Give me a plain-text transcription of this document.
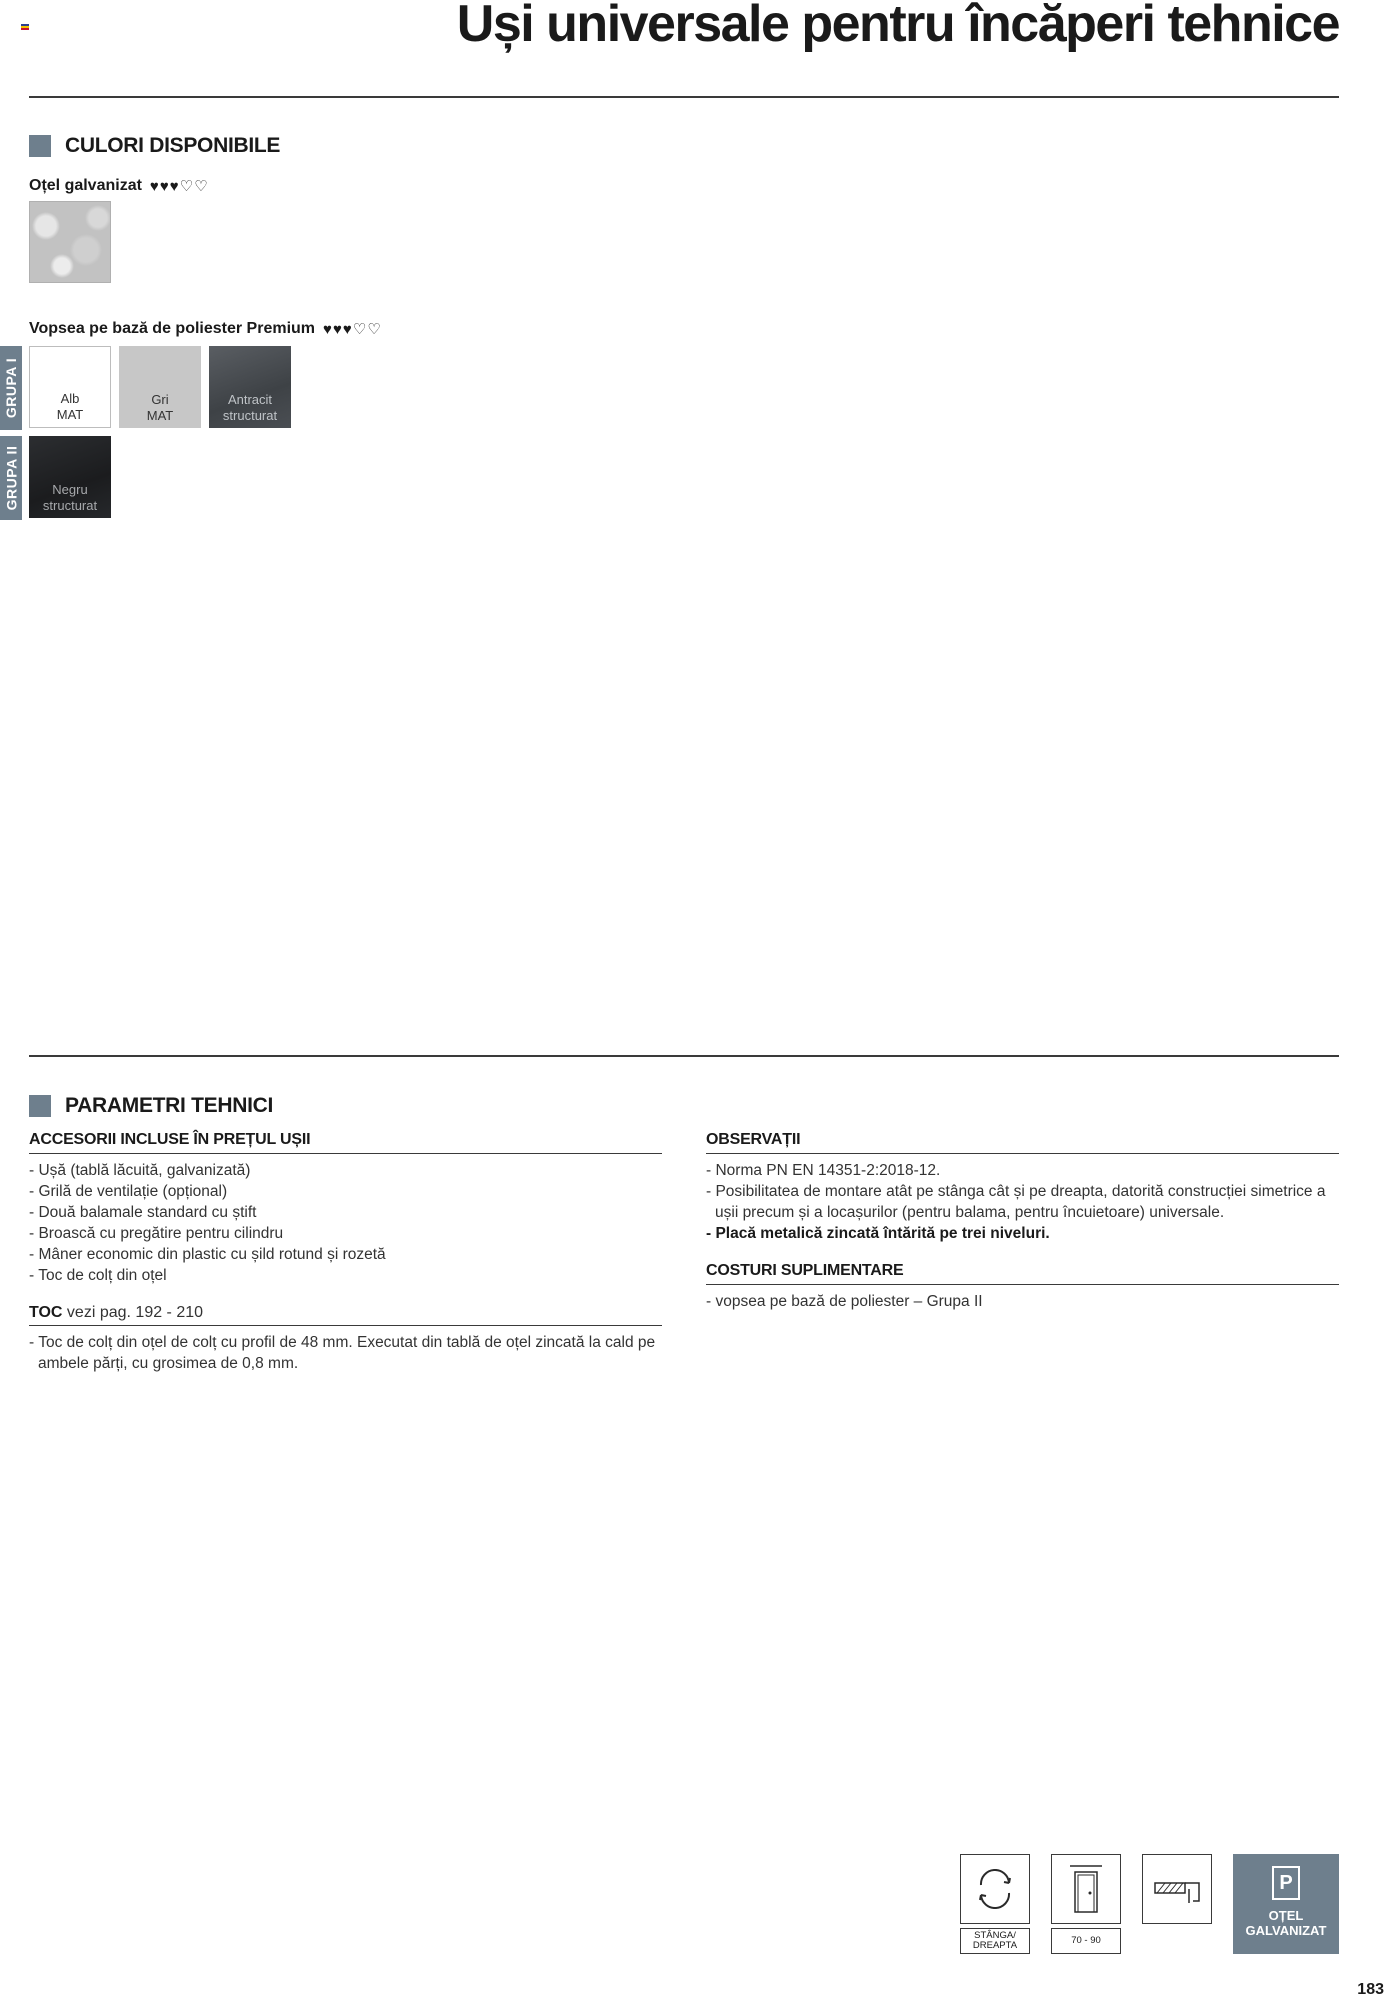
Uși universale pentru încăperi tehnice
CULORI DISPONIBILE
Oțel galvanizat ♥♥♥♡♡
Vopsea pe bază de poliester Premium ♥♥♥♡♡
GRUPA I
GRUPA II
Alb
MAT
Gri
MAT
Antracit
structurat
Negru
structurat
PARAMETRI TEHNICI
ACCESORII INCLUSE ÎN PREȚUL UȘII
- Ușă (tablă lăcuită, galvanizată)
- Grilă de ventilație (opțional)
- Două balamale standard cu știft
- Broască cu pregătire pentru cilindru
- Mâner economic din plastic cu șild rotund și rozetă
- Toc de colț din oțel
TOC vezi pag. 192 - 210
- Toc de colț din oțel de colț cu profil de 48 mm. Executat din tablă de oțel zincată la cald pe ambele părți, cu grosimea de 0,8 mm.
OBSERVAȚII
- Norma PN EN 14351-2:2018-12.
- Posibilitatea de montare atât pe stânga cât și pe dreapta, datorită construcției simetrice a ușii precum și a locașurilor (pentru balama, pentru încuietoare) universale.
- Placă metalică zincată întărită pe trei niveluri.
COSTURI SUPLIMENTARE
- vopsea pe bază de poliester – Grupa II
STÂNGA/ DREAPTA	70 - 90
P
OȚEL
GALVANIZAT
183
